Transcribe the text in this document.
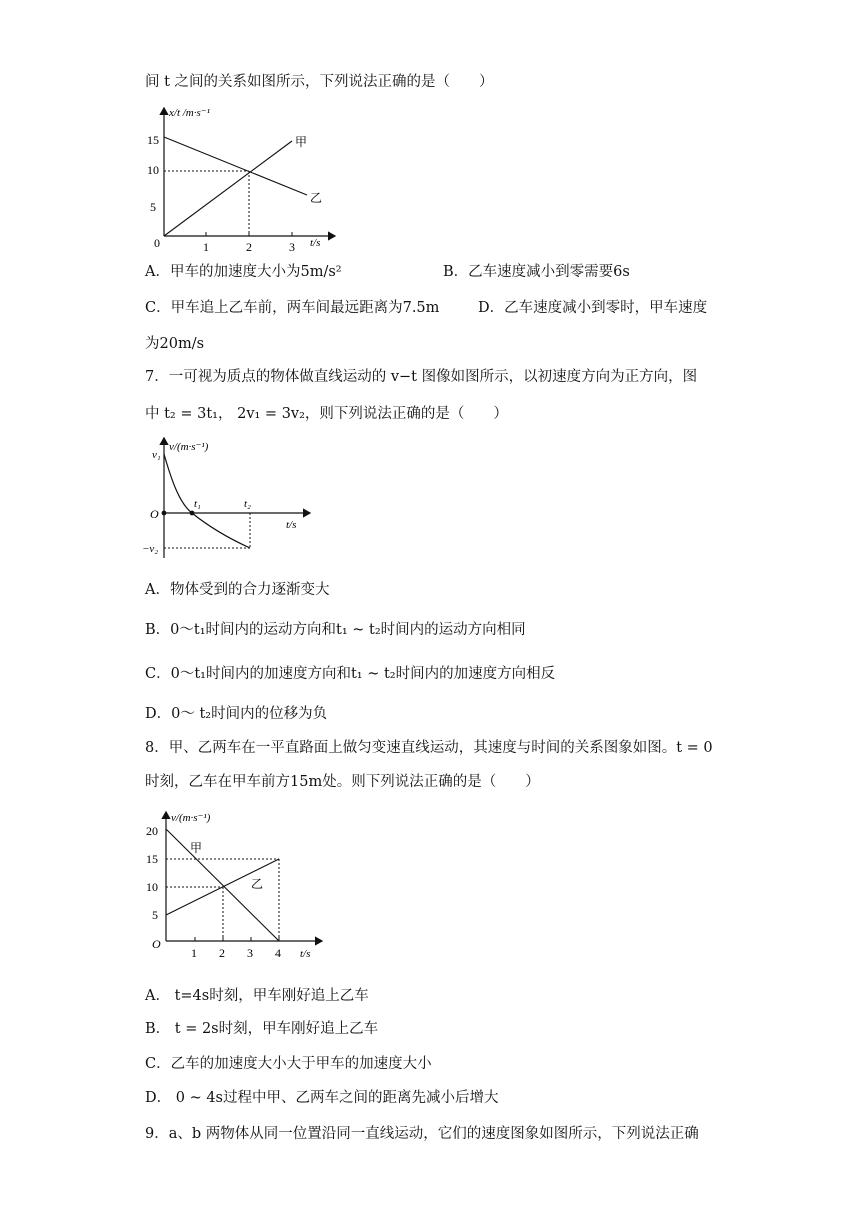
间 t 之间的关系如图所示，下列说法正确的是（　　）
x/t /m·s⁻¹
15
10
5
0	1	2	3 t/s
甲
乙
A．甲车的加速度大小为5m/s²	B．乙车速度减小到零需要6s
C．甲车追上乙车前，两车间最远距离为7.5m	D．乙车速度减小到零时，甲车速度
为20m/s
7．一可视为质点的物体做直线运动的 v−t 图像如图所示，以初速度方向为正方向，图
中 t₂ = 3t₁， 2v₁ = 3v₂，则下列说法正确的是（　　）
v/(m·s⁻¹)
v₁
O
−v₂
t₁	t₂
t/s
A．物体受到的合力逐渐变大
B．0～t₁时间内的运动方向和t₁ ~ t₂时间内的运动方向相同
C．0～t₁时间内的加速度方向和t₁ ~ t₂时间内的加速度方向相反
D．0～ t₂时间内的位移为负
8．甲、乙两车在一平直路面上做匀变速直线运动，其速度与时间的关系图象如图。t = 0
时刻，乙车在甲车前方15m处。则下列说法正确的是（　　）
v/(m·s⁻¹)
20
15
10
5
O
1 2 3 4 t/s
甲
乙
A． t=4s时刻，甲车刚好追上乙车
B． t = 2s时刻，甲车刚好追上乙车
C．乙车的加速度大小大于甲车的加速度大小
D． 0 ~ 4s过程中甲、乙两车之间的距离先减小后增大
9．a、b 两物体从同一位置沿同一直线运动，它们的速度图象如图所示，下列说法正确
